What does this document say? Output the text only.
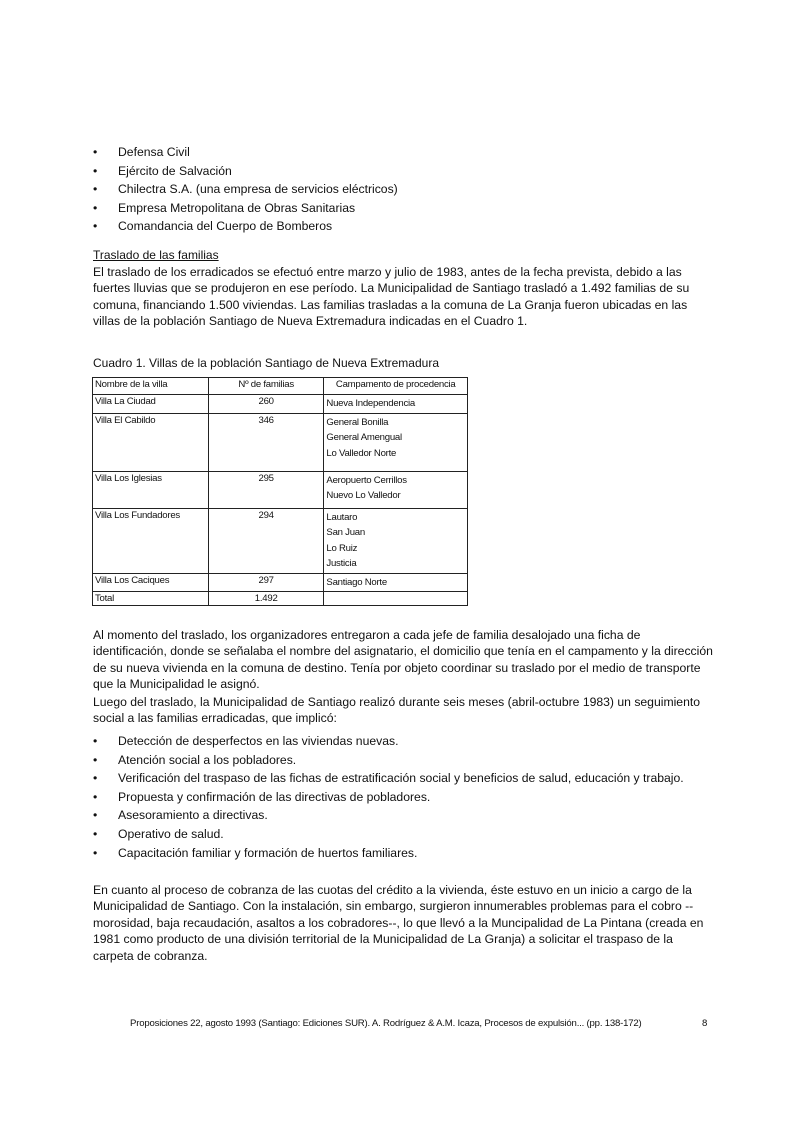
• Defensa Civil
• Ejército de Salvación
• Chilectra S.A. (una empresa de servicios eléctricos)
• Empresa Metropolitana de Obras Sanitarias
• Comandancia del Cuerpo de Bomberos
Traslado de las familias

El traslado de los erradicados se efectuó entre marzo y julio de 1983, antes de la fecha prevista, debido a las fuertes lluvias que se produjeron en ese período. La Municipalidad de Santiago trasladó a 1.492 familias de su comuna, financiando 1.500 viviendas. Las familias trasladas a la comuna de La Granja fueron ubicadas en las villas de la población Santiago de Nueva Extremadura indicadas en el Cuadro 1.

Cuadro 1. Villas de la población Santiago de Nueva Extremadura
Nombre de la villa	Nº de familias	Campamento de procedencia
Villa La Ciudad	260	Nueva Independencia

Villa El Cabildo	346	General Bonilla
General Amengual
Lo Valledor Norte

Villa Los Iglesias	295	Aeropuerto Cerrillos
Nuevo Lo Valledor

Villa Los Fundadores	294	Lautaro
San Juan
Lo Ruiz
Justicia

Villa Los Caciques	297	Santiago Norte

Total	1.492	

Al momento del traslado, los organizadores entregaron a cada jefe de familia desalojado una ficha de identificación, donde se señalaba el nombre del asignatario, el domicilio que tenía en el campamento y la dirección de su nueva vivienda en la comuna de destino. Tenía por objeto coordinar su traslado por el medio de transporte que la Municipalidad le asignó.

Luego del traslado, la Municipalidad de Santiago realizó durante seis meses (abril-octubre 1983) un seguimiento social a las familias erradicadas, que implicó:

• Detección de desperfectos en las viviendas nuevas.
• Atención social a los pobladores.
• Verificación del traspaso de las fichas de estratificación social y beneficios de salud, educación y trabajo.
• Propuesta y confirmación de las directivas de pobladores.
• Asesoramiento a directivas.
• Operativo de salud.
• Capacitación familiar y formación de huertos familiares.

En cuanto al proceso de cobranza de las cuotas del crédito a la vivienda, éste estuvo en un inicio a cargo de la Municipalidad de Santiago. Con la instalación, sin embargo, surgieron innumerables problemas para el cobro --morosidad, baja recaudación, asaltos a los cobradores--, lo que llevó a la Muncipalidad de La Pintana (creada en 1981 como producto de una división territorial de la Municipalidad de La Granja) a solicitar el traspaso de la carpeta de cobranza.

Proposiciones 22, agosto 1993 (Santiago: Ediciones SUR). A. Rodríguez & A.M. Icaza, Procesos de expulsión... (pp. 138-172)	8
